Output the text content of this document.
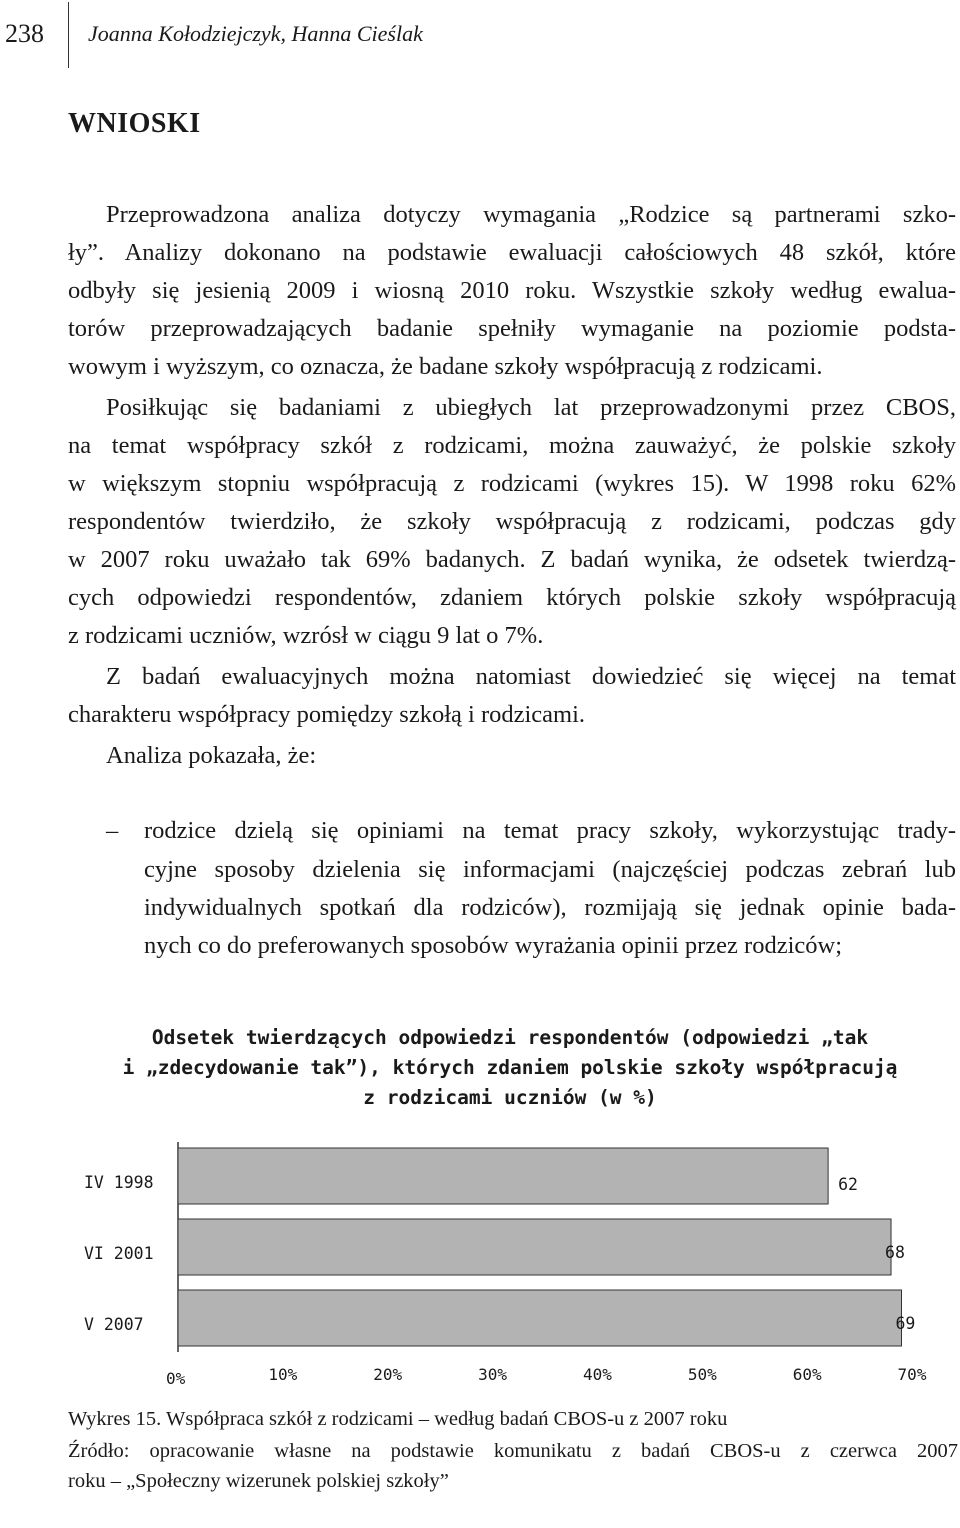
238 Joanna Kołodziejczyk, Hanna Cieślak
WNIOSKI
Przeprowadzona analiza dotyczy wymagania „Rodzice są partnerami szko-
ły”. Analizy dokonano na podstawie ewaluacji całościowych 48 szkół, które
odbyły się jesienią 2009 i wiosną 2010 roku. Wszystkie szkoły według ewalua-
torów przeprowadzających badanie spełniły wymaganie na poziomie podsta-
wowym i wyższym, co oznacza, że badane szkoły współpracują z rodzicami.
Posiłkując się badaniami z ubiegłych lat przeprowadzonymi przez CBOS,
na temat współpracy szkół z rodzicami, można zauważyć, że polskie szkoły
w większym stopniu współpracują z rodzicami (wykres 15). W 1998 roku 62%
respondentów twierdziło, że szkoły współpracują z rodzicami, podczas gdy
w 2007 roku uważało tak 69% badanych. Z badań wynika, że odsetek twierdzą-
cych odpowiedzi respondentów, zdaniem których polskie szkoły współpracują
z rodzicami uczniów, wzrósł w ciągu 9 lat o 7%.
Z badań ewaluacyjnych można natomiast dowiedzieć się więcej na temat
charakteru współpracy pomiędzy szkołą i rodzicami.
Analiza pokazała, że:
– rodzice dzielą się opiniami na temat pracy szkoły, wykorzystując trady-
cyjne sposoby dzielenia się informacjami (najczęściej podczas zebrań lub
indywidualnych spotkań dla rodziców), rozmijają się jednak opinie bada-
nych co do preferowanych sposobów wyrażania opinii przez rodziców;
Odsetek twierdzących odpowiedzi respondentów (odpowiedzi „tak
i „zdecydowanie tak”), których zdaniem polskie szkoły współpracują
z rodzicami uczniów (w %)
IV 1998	62
VI 2001	68
V 2007	69
0%	10%	20%	30%	40%	50%	60%	70%
Wykres 15. Współpraca szkół z rodzicami – według badań CBOS-u z 2007 roku
Źródło: opracowanie własne na podstawie komunikatu z badań CBOS-u z czerwca 2007
roku – „Społeczny wizerunek polskiej szkoły”
